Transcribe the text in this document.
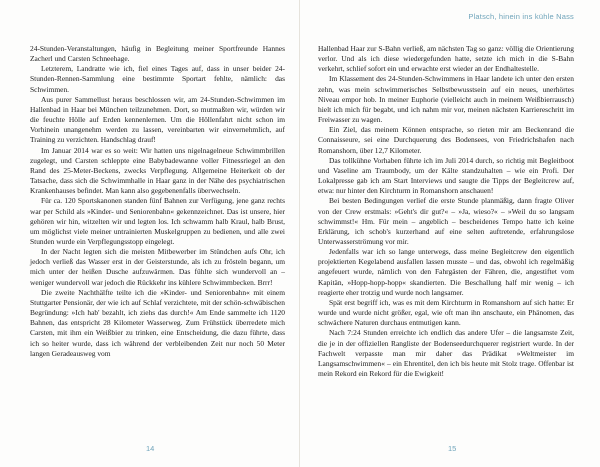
24-Stunden-Veranstaltungen, häufig in Begleitung meiner Sportfreunde Hannes Zacherl und Carsten Schneehage.

Letzterem, Landratte wie ich, fiel eines Tages auf, dass in unser beider 24-Stunden-Rennen-Sammlung eine bestimmte Sportart fehlte, nämlich: das Schwimmen.

Aus purer Sammellust heraus beschlossen wir, am 24-Stunden-Schwimmen im Hallenbad in Haar bei München teilzunehmen. Dort, so mutmaßten wir, würden wir die feuchte Hölle auf Erden kennenlernen. Um die Höllenfahrt nicht schon im Vorhinein unangenehm werden zu lassen, vereinbarten wir einvernehmlich, auf Training zu verzichten. Handschlag drauf!

Im Januar 2014 war es so weit: Wir hatten uns nigelnagelneue Schwimmbrillen zugelegt, und Carsten schleppte eine Babybadewanne voller Fitnessriegel an den Rand des 25-Meter-Beckens, zwecks Verpflegung. Allgemeine Heiterkeit ob der Tatsache, dass sich die Schwimmhalle in Haar ganz in der Nähe des psychiatrischen Krankenhauses befindet. Man kann also gegebenenfalls überwechseln.

Für ca. 120 Sportskanonen standen fünf Bahnen zur Verfügung, jene ganz rechts war per Schild als »Kinder- und Seniorenbahn« gekennzeichnet. Das ist unsere, hier gehören wir hin, witzelten wir und legten los. Ich schwamm halb Kraul, halb Brust, um möglichst viele meiner untrainierten Muskelgruppen zu bedienen, und alle zwei Stunden wurde ein Verpflegungsstopp eingelegt.

In der Nacht legten sich die meisten Mitbewerber im Stündchen aufs Ohr, ich jedoch verließ das Wasser erst in der Geisterstunde, als ich zu frösteln begann, um mich unter der heißen Dusche aufzuwärmen. Das fühlte sich wundervoll an – weniger wundervoll war jedoch die Rückkehr ins kühlere Schwimmbecken. Brrr!

Die zweite Nachthälfte teilte ich die »Kinder- und Seniorenbahn« mit einem Stuttgarter Pensionär, der wie ich auf Schlaf verzichtete, mit der schön-schwäbischen Begründung: »Ich hab' bezahlt, ich ziehs das durch!« Am Ende sammelte ich 1120 Bahnen, das entspricht 28 Kilometer Wasserweg. Zum Frühstück überredete mich Carsten, mit ihm ein Weißbier zu trinken, eine Entscheidung, die dazu führte, dass ich so heiter wurde, dass ich während der verbleibenden Zeit nur noch 50 Meter langen Geradeausweg vom

14
Platsch, hinein ins kühle Nass

Hallenbad Haar zur S-Bahn verließ, am nächsten Tag so ganz: völlig die Orientierung verlor. Und als ich diese wiedergefunden hatte, setzte ich mich in die S-Bahn verkehrt, schlief sofort ein und erwachte erst wieder an der Endhaltestelle.

Im Klassement des 24-Stunden-Schwimmens in Haar landete ich unter den ersten zehn, was mein schwimmerisches Selbstbewusstsein auf ein neues, unerhörtes Niveau empor hob. In meiner Euphorie (vielleicht auch in meinem Weißbierrausch) hielt ich mich für begabt, und ich nahm mir vor, meinen nächsten Karriereschritt im Freiwasser zu wagen.

Ein Ziel, das meinem Können entsprache, so rieten mir am Beckenrand die Connaisseure, sei eine Durchquerung des Bodensees, von Friedrichshafen nach Romanshorn, über 12,7 Kilometer.

Das tollkühne Vorhaben führte ich im Juli 2014 durch, so richtig mit Begleitboot und Vaseline am Traumbody, um der Kälte standzuhalten – wie ein Profi. Der Lokalpresse gab ich am Start Interviews und saugte die Tipps der Begleitcrew auf, etwa: nur hinter den Kirchturm in Romanshorn anschauen!

Bei besten Bedingungen verlief die erste Stunde planmäßig, dann fragte Oliver von der Crew erstmals: »Geht's dir gut?« – »Ja, wieso?« – »Weil du so langsam schwimmst!« Hm. Für mein – angeblich – bescheidenes Tempo hatte ich keine Erklärung, ich schob's kurzerhand auf eine selten auftretende, erfahrungslose Unterwasserströmung vor mir.

Jedenfalls war ich so lange unterwegs, dass meine Begleitcrew den eigentlich projektierten Kegelabend ausfallen lassen musste – und das, obwohl ich regelmäßig angefeuert wurde, nämlich von den Fahrgästen der Fähren, die, angestiftet vom Kapitän, »Hopp-hopp-hopp« skandierten. Die Beschallung half mir wenig – ich reagierte eher trotzig und wurde noch langsamer.

Spät erst begriff ich, was es mit dem Kirchturm in Romanshorn auf sich hatte: Er wurde und wurde nicht größer, egal, wie oft man ihn anschaute, ein Phänomen, das schwächere Naturen durchaus entmutigen kann.

Nach 7:24 Stunden erreichte ich endlich das andere Ufer – die langsamste Zeit, die je in der offiziellen Rangliste der Bodenseedurchquerer registriert wurde. In der Fachwelt verpasste man mir daher das Prädikat »Weltmeister im Langsamschwimmen« – ein Ehrentitel, den ich bis heute mit Stolz trage. Offenbar ist mein Rekord ein Rekord für die Ewigkeit!

15
